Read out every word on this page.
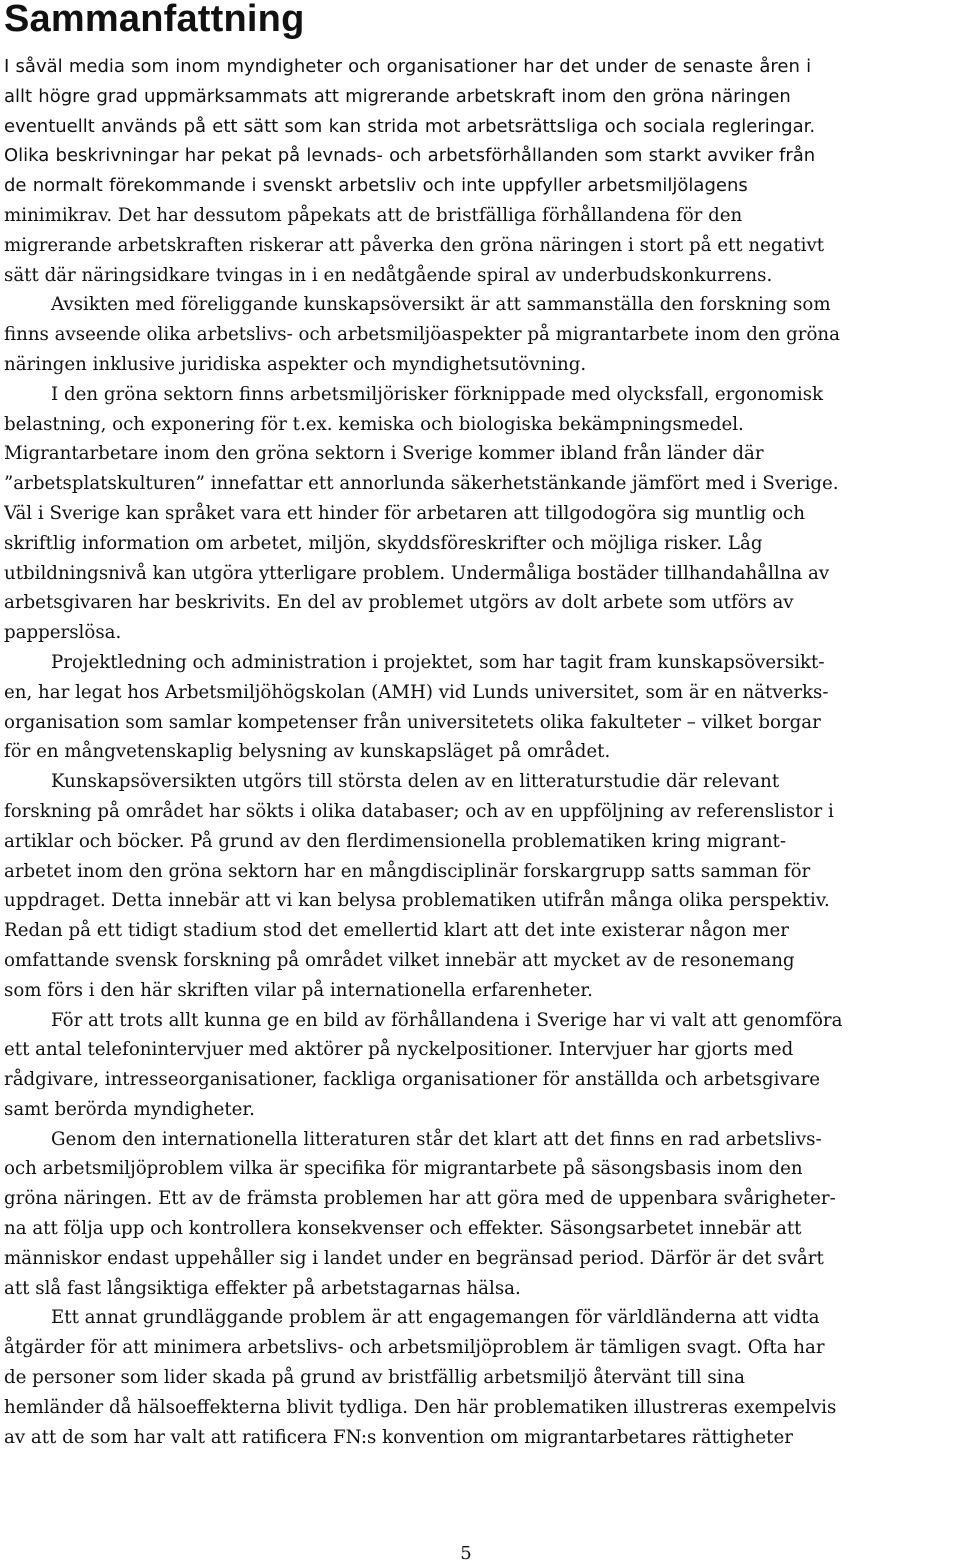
Sammanfattning
I såväl media som inom myndigheter och organisationer har det under de senaste åren i
allt högre grad uppmärksammats att migrerande arbetskraft inom den gröna näringen
eventuellt används på ett sätt som kan strida mot arbetsrättsliga och sociala regleringar.
Olika beskrivningar har pekat på levnads- och arbetsförhållanden som starkt avviker från
de normalt förekommande i svenskt arbetsliv och inte uppfyller arbetsmiljölagens
minimikrav. Det har dessutom påpekats att de bristfälliga förhållandena för den
migrerande arbetskraften riskerar att påverka den gröna näringen i stort på ett negativt
sätt där näringsidkare tvingas in i en nedåtgående spiral av underbudskonkurrens.
Avsikten med föreliggande kunskapsöversikt är att sammanställa den forskning som
finns avseende olika arbetslivs- och arbetsmiljöaspekter på migrantarbete inom den gröna
näringen inklusive juridiska aspekter och myndighetsutövning.
I den gröna sektorn finns arbetsmiljörisker förknippade med olycksfall, ergonomisk
belastning, och exponering för t.ex. kemiska och biologiska bekämpningsmedel.
Migrantarbetare inom den gröna sektorn i Sverige kommer ibland från länder där
”arbetsplatskulturen” innefattar ett annorlunda säkerhetstänkande jämfört med i Sverige.
Väl i Sverige kan språket vara ett hinder för arbetaren att tillgodogöra sig muntlig och
skriftlig information om arbetet, miljön, skyddsföreskrifter och möjliga risker. Låg
utbildningsnivå kan utgöra ytterligare problem. Undermåliga bostäder tillhandahållna av
arbetsgivaren har beskrivits. En del av problemet utgörs av dolt arbete som utförs av
papperslösa.
Projektledning och administration i projektet, som har tagit fram kunskapsöversikt-
en, har legat hos Arbetsmiljöhögskolan (AMH) vid Lunds universitet, som är en nätverks-
organisation som samlar kompetenser från universitetets olika fakulteter – vilket borgar
för en mångvetenskaplig belysning av kunskapsläget på området.
Kunskapsöversikten utgörs till största delen av en litteraturstudie där relevant
forskning på området har sökts i olika databaser; och av en uppföljning av referenslistor i
artiklar och böcker. På grund av den flerdimensionella problematiken kring migrant-
arbetet inom den gröna sektorn har en mångdisciplinär forskargrupp satts samman för
uppdraget. Detta innebär att vi kan belysa problematiken utifrån många olika perspektiv.
Redan på ett tidigt stadium stod det emellertid klart att det inte existerar någon mer
omfattande svensk forskning på området vilket innebär att mycket av de resonemang
som förs i den här skriften vilar på internationella erfarenheter.
För att trots allt kunna ge en bild av förhållandena i Sverige har vi valt att genomföra
ett antal telefonintervjuer med aktörer på nyckelpositioner. Intervjuer har gjorts med
rådgivare, intresseorganisationer, fackliga organisationer för anställda och arbetsgivare
samt berörda myndigheter.
Genom den internationella litteraturen står det klart att det finns en rad arbetslivs-
och arbetsmiljöproblem vilka är specifika för migrantarbete på säsongsbasis inom den
gröna näringen. Ett av de främsta problemen har att göra med de uppenbara svårigheter-
na att följa upp och kontrollera konsekvenser och effekter. Säsongsarbetet innebär att
människor endast uppehåller sig i landet under en begränsad period. Därför är det svårt
att slå fast långsiktiga effekter på arbetstagarnas hälsa.
Ett annat grundläggande problem är att engagemangen för världländerna att vidta
åtgärder för att minimera arbetslivs- och arbetsmiljöproblem är tämligen svagt. Ofta har
de personer som lider skada på grund av bristfällig arbetsmiljö återvänt till sina
hemländer då hälsoeffekterna blivit tydliga. Den här problematiken illustreras exempelvis
av att de som har valt att ratificera FN:s konvention om migrantarbetares rättigheter
5
